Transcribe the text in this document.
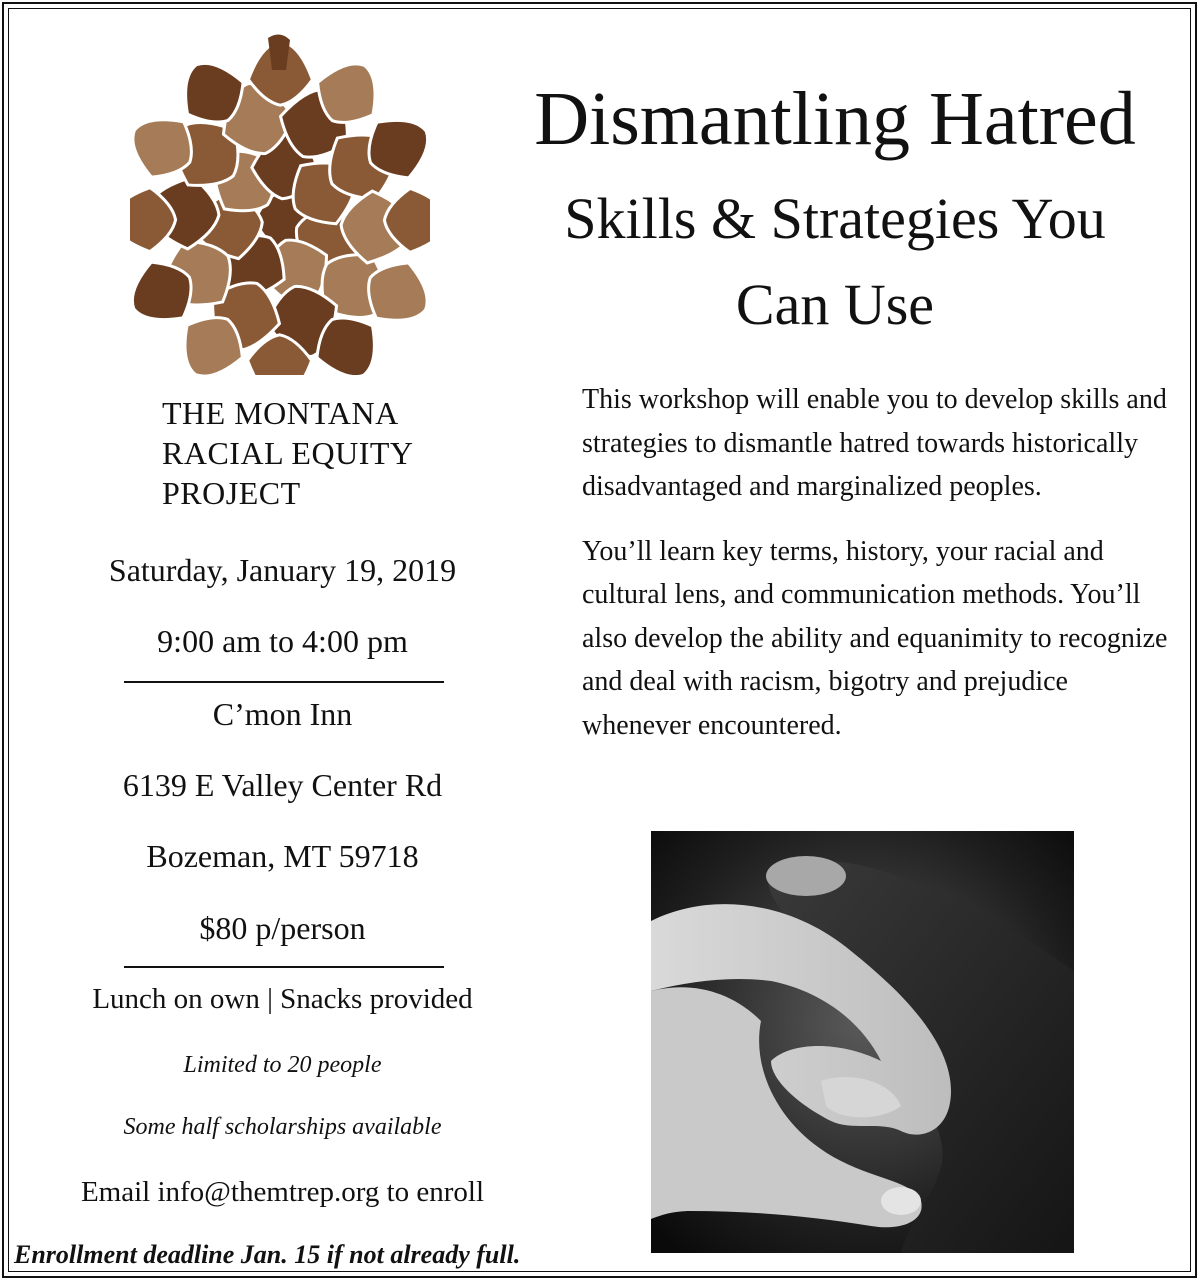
THE MONTANA
RACIAL EQUITY
PROJECT
Dismantling Hatred
Skills & Strategies You
Can Use

This workshop will enable you to develop skills and strategies to dismantle hatred towards historically disadvantaged and marginalized peoples.

You’ll learn key terms, history, your racial and cultural lens, and communication methods. You’ll also develop the ability and equanimity to recognize and deal with racism, bigotry and prejudice whenever encountered.

Saturday, January 19, 2019
9:00 am to 4:00 pm
C’mon Inn
6139 E Valley Center Rd
Bozeman, MT 59718
$80 p/person
Lunch on own | Snacks provided
Limited to 20 people
Some half scholarships available
Email info@themtrep.org to enroll
Enrollment deadline Jan. 15 if not already full.
